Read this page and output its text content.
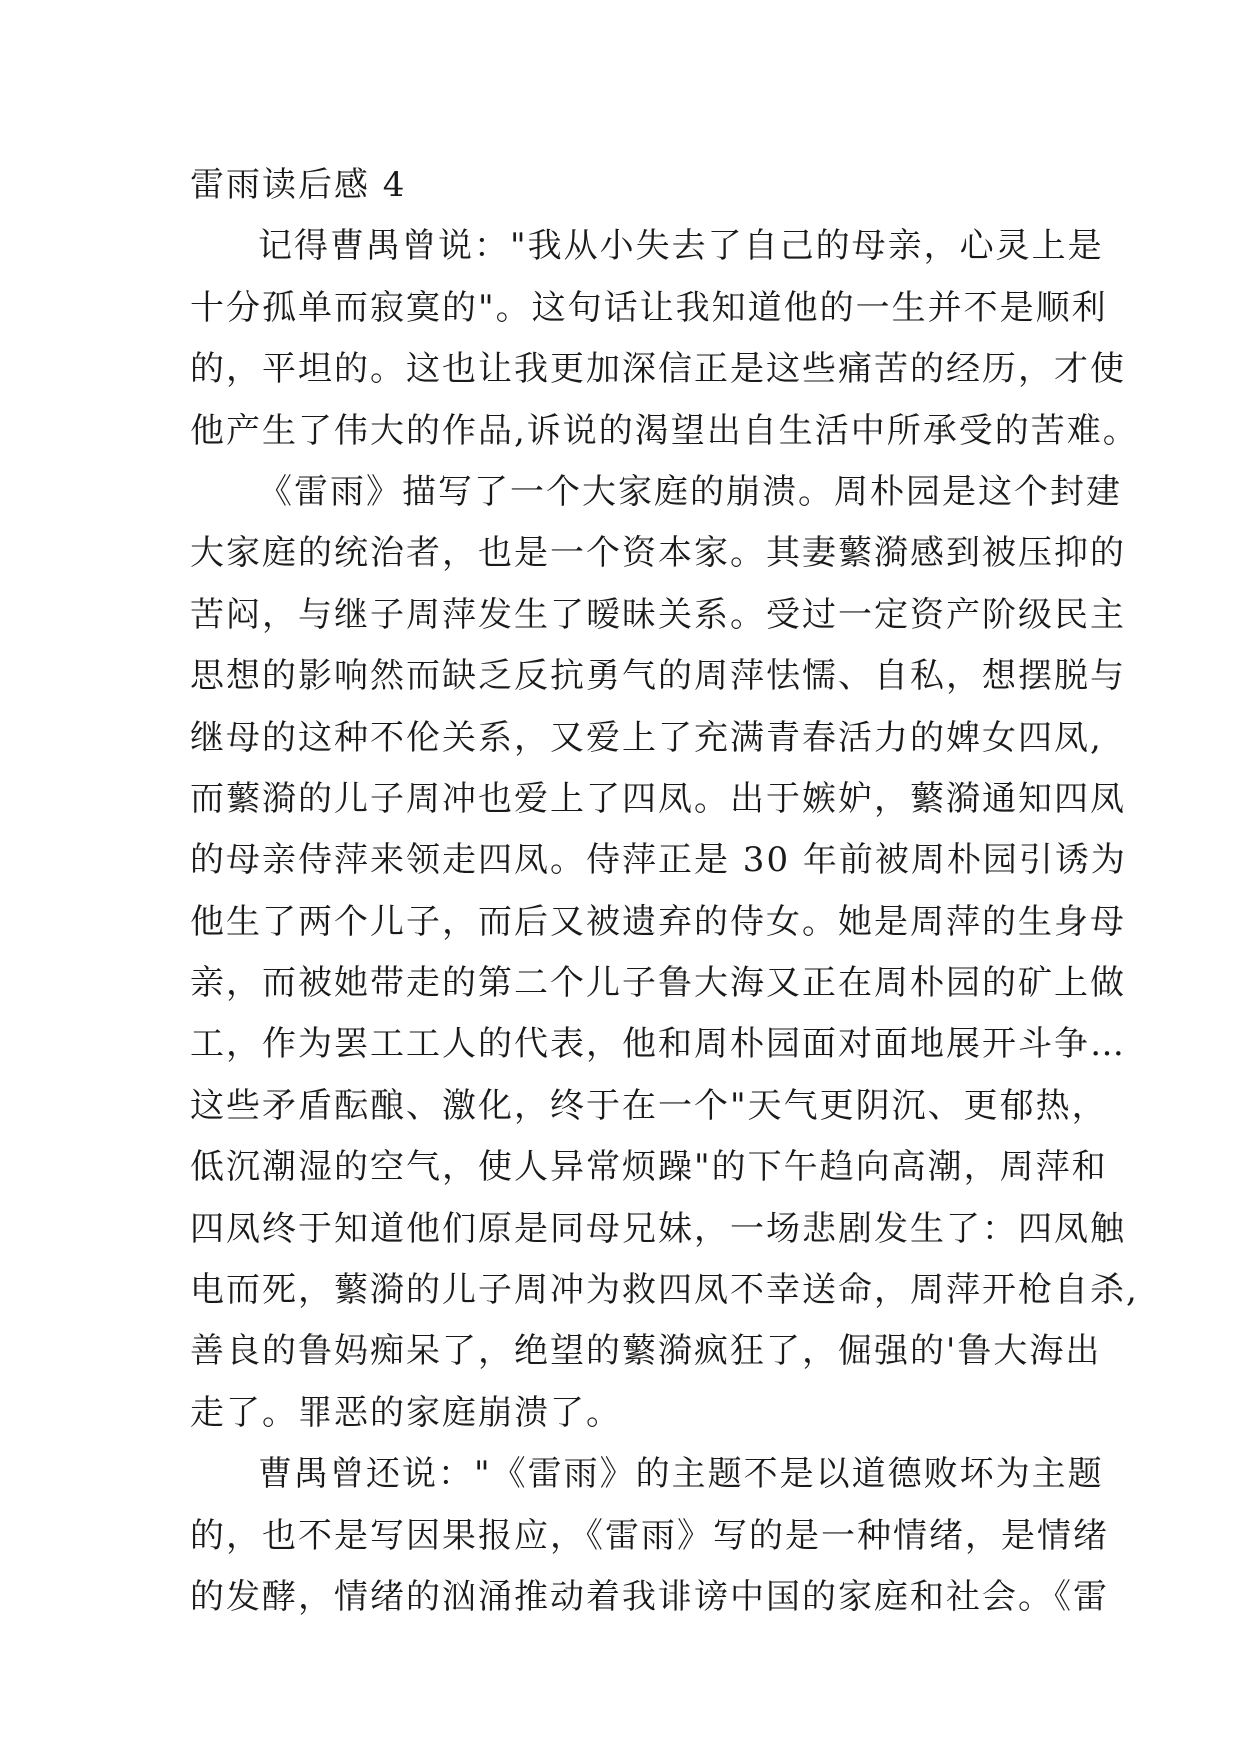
雷雨读后感 4
记得曹禺曾说："我从小失去了自己的母亲，心灵上是
十分孤单而寂寞的"。这句话让我知道他的一生并不是顺利
的，平坦的。这也让我更加深信正是这些痛苦的经历，才使
他产生了伟大的作品,诉说的渴望出自生活中所承受的苦难。
《雷雨》描写了一个大家庭的崩溃。周朴园是这个封建
大家庭的统治者，也是一个资本家。其妻蘩漪感到被压抑的
苦闷，与继子周萍发生了暧昧关系。受过一定资产阶级民主
思想的影响然而缺乏反抗勇气的周萍怯懦、自私，想摆脱与
继母的这种不伦关系，又爱上了充满青春活力的婢女四凤,
而蘩漪的儿子周冲也爱上了四凤。出于嫉妒，蘩漪通知四凤
的母亲侍萍来领走四凤。侍萍正是 30 年前被周朴园引诱为
他生了两个儿子，而后又被遗弃的侍女。她是周萍的生身母
亲，而被她带走的第二个儿子鲁大海又正在周朴园的矿上做
工，作为罢工工人的代表，他和周朴园面对面地展开斗争…
这些矛盾酝酿、激化，终于在一个"天气更阴沉、更郁热，
低沉潮湿的空气，使人异常烦躁"的下午趋向高潮，周萍和
四凤终于知道他们原是同母兄妹，一场悲剧发生了：四凤触
电而死，蘩漪的儿子周冲为救四凤不幸送命，周萍开枪自杀,
善良的鲁妈痴呆了，绝望的蘩漪疯狂了，倔强的'鲁大海出
走了。罪恶的家庭崩溃了。
曹禺曾还说："《雷雨》的主题不是以道德败坏为主题
的，也不是写因果报应，《雷雨》写的是一种情绪，是情绪
的发酵，情绪的汹涌推动着我诽谤中国的家庭和社会。《雷
